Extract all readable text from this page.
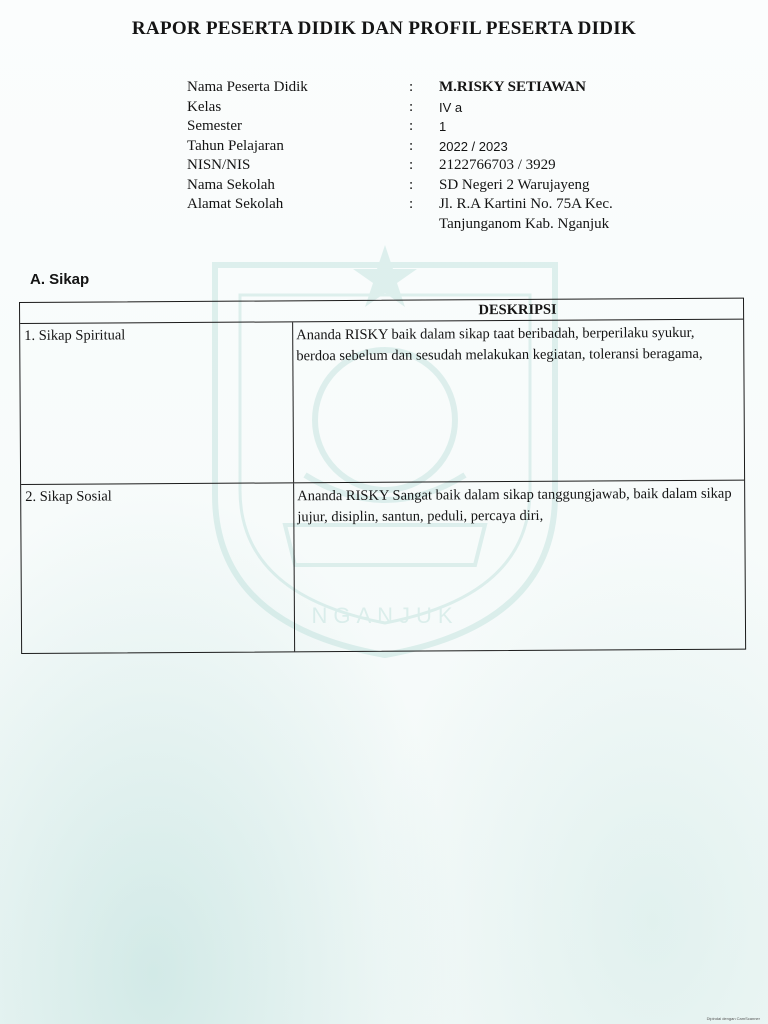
NGANJUK
RAPOR PESERTA DIDIK DAN PROFIL PESERTA DIDIK
Nama Peserta Didik	:	M.RISKY SETIAWAN
Kelas	:	IV a
Semester	:	1
Tahun Pelajaran	:	2022 / 2023
NISN/NIS	:	2122766703 / 3929
Nama Sekolah	:	SD Negeri 2 Warujayeng
Alamat Sekolah	:	Jl. R.A Kartini No. 75A Kec.
Tanjunganom Kab. Nganjuk
A. Sikap
DESKRIPSI
1. Sikap Spiritual	Ananda RISKY baik dalam sikap taat beribadah, berperilaku syukur, berdoa sebelum dan sesudah melakukan kegiatan, toleransi beragama,
2. Sikap Sosial	Ananda RISKY Sangat baik dalam sikap tanggungjawab, baik dalam sikap jujur, disiplin, santun, peduli, percaya diri,
Dipindai dengan CamScanner
